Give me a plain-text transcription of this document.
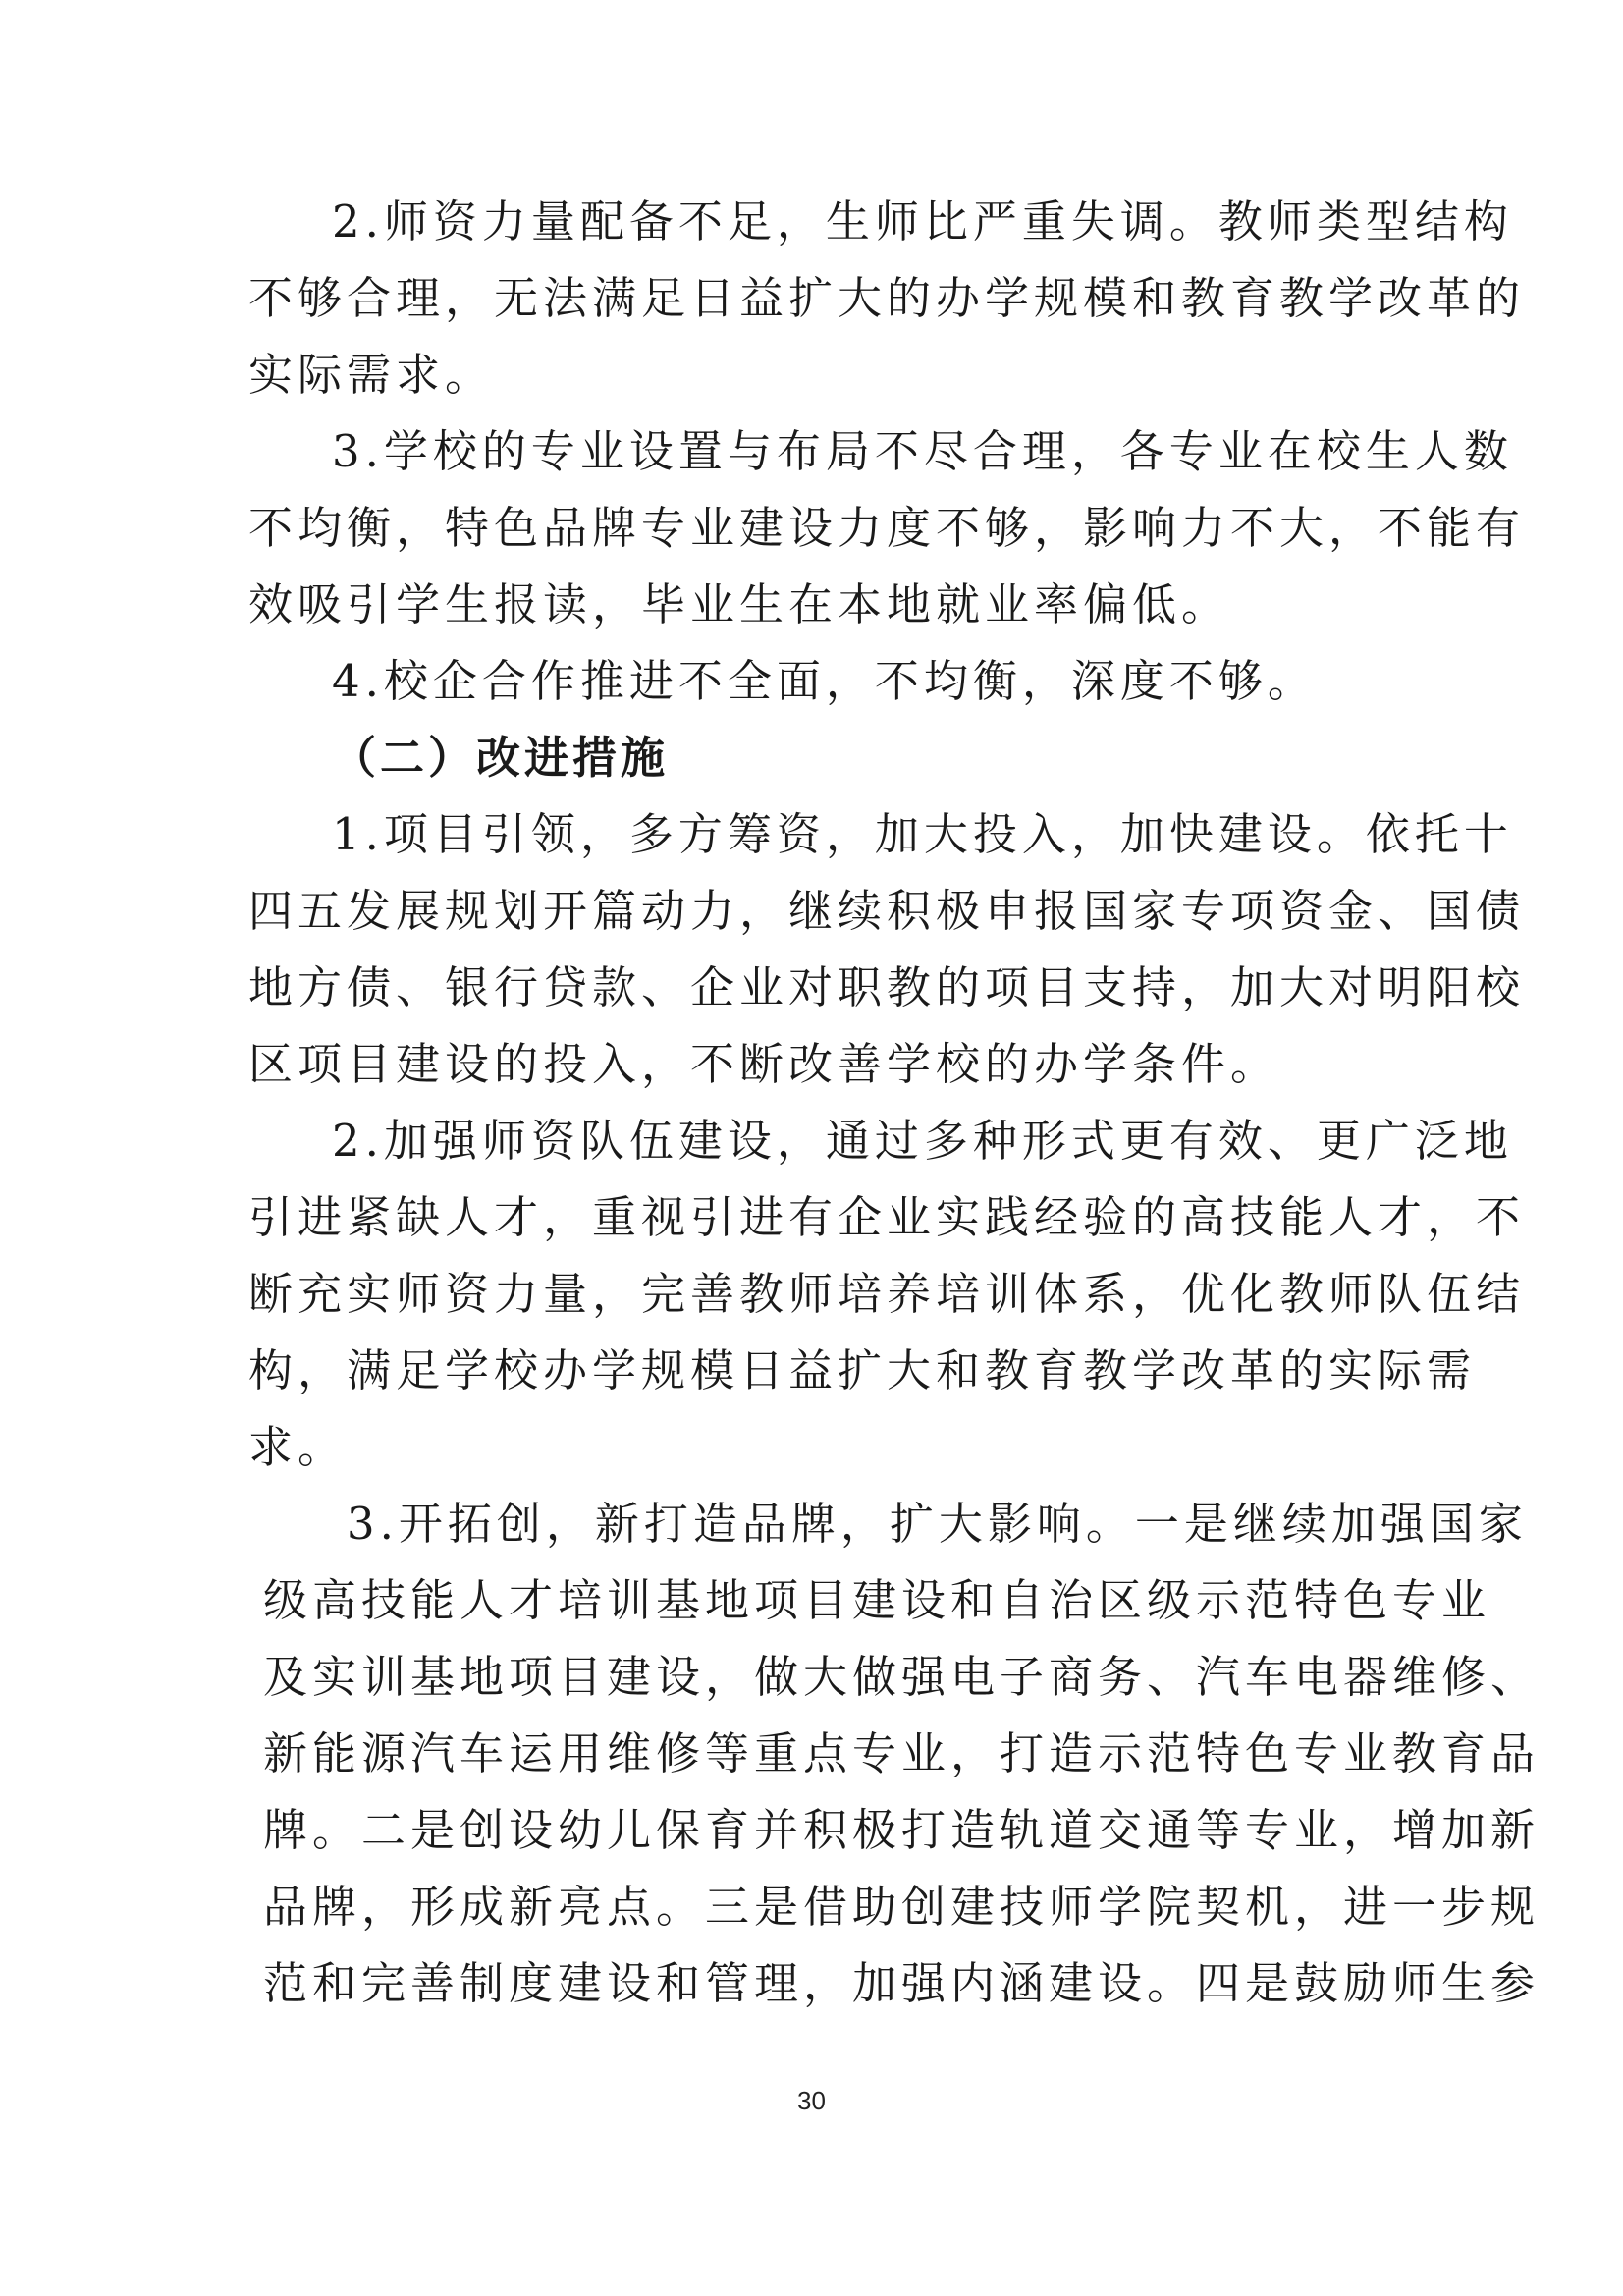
2.师资力量配备不足，生师比严重失调。教师类型结构
不够合理，无法满足日益扩大的办学规模和教育教学改革的
实际需求。
3.学校的专业设置与布局不尽合理，各专业在校生人数
不均衡，特色品牌专业建设力度不够，影响力不大，不能有
效吸引学生报读，毕业生在本地就业率偏低。
4.校企合作推进不全面，不均衡，深度不够。
（二）改进措施
1.项目引领，多方筹资，加大投入，加快建设。依托十
四五发展规划开篇动力，继续积极申报国家专项资金、国债
地方债、银行贷款、企业对职教的项目支持，加大对明阳校
区项目建设的投入，不断改善学校的办学条件。
2.加强师资队伍建设，通过多种形式更有效、更广泛地
引进紧缺人才，重视引进有企业实践经验的高技能人才，不
断充实师资力量，完善教师培养培训体系，优化教师队伍结
构，满足学校办学规模日益扩大和教育教学改革的实际需
求。
3.开拓创，新打造品牌，扩大影响。一是继续加强国家
级高技能人才培训基地项目建设和自治区级示范特色专业
及实训基地项目建设，做大做强电子商务、汽车电器维修、
新能源汽车运用维修等重点专业，打造示范特色专业教育品
牌。二是创设幼儿保育并积极打造轨道交通等专业，增加新
品牌，形成新亮点。三是借助创建技师学院契机，进一步规
范和完善制度建设和管理，加强内涵建设。四是鼓励师生参
30
